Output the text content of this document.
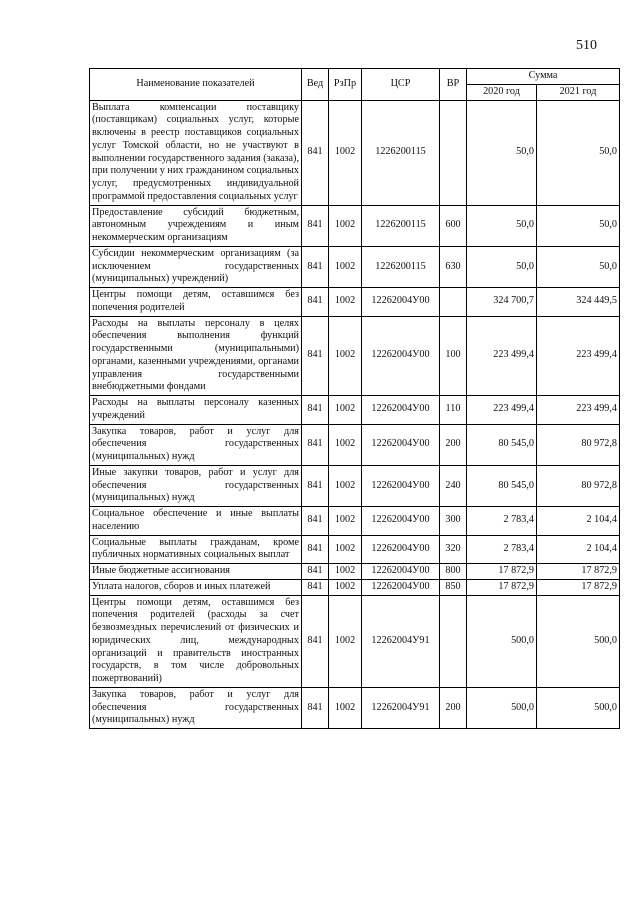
510
Наименование показателей	Вед	РзПр	ЦСР	ВР	Сумма	
					2020 год	2021 год
Выплата компенсации поставщику (поставщикам) социальных услуг, которые включены в реестр поставщиков социальных услуг Томской области, но не участвуют в выполнении государственного задания (заказа), при получении у них гражданином социальных услуг, предусмотренных индивидуальной программой предоставления социальных услуг	841	1002	1226200115		50,0	50,0
Предоставление субсидий бюджетным, автономным учреждениям и иным некоммерческим организациям	841	1002	1226200115	600	50,0	50,0
Субсидии некоммерческим организациям (за исключением государственных (муниципальных) учреждений)	841	1002	1226200115	630	50,0	50,0
Центры помощи детям, оставшимся без попечения родителей	841	1002	12262004У00		324 700,7	324 449,5
Расходы на выплаты персоналу в целях обеспечения выполнения функций государственными (муниципальными) органами, казенными учреждениями, органами управления государственными внебюджетными фондами	841	1002	12262004У00	100	223 499,4	223 499,4
Расходы на выплаты персоналу казенных учреждений	841	1002	12262004У00	110	223 499,4	223 499,4
Закупка товаров, работ и услуг для обеспечения государственных (муниципальных) нужд	841	1002	12262004У00	200	80 545,0	80 972,8
Иные закупки товаров, работ и услуг для обеспечения государственных (муниципальных) нужд	841	1002	12262004У00	240	80 545,0	80 972,8
Социальное обеспечение и иные выплаты населению	841	1002	12262004У00	300	2 783,4	2 104,4
Социальные выплаты гражданам, кроме публичных нормативных социальных выплат	841	1002	12262004У00	320	2 783,4	2 104,4
Иные бюджетные ассигнования	841	1002	12262004У00	800	17 872,9	17 872,9
Уплата налогов, сборов и иных платежей	841	1002	12262004У00	850	17 872,9	17 872,9
Центры помощи детям, оставшимся без попечения родителей (расходы за счет безвозмездных перечислений от физических и юридических лиц, международных организаций и правительств иностранных государств, в том числе добровольных пожертвований)	841	1002	12262004У91		500,0	500,0
Закупка товаров, работ и услуг для обеспечения государственных (муниципальных) нужд	841	1002	12262004У91	200	500,0	500,0
